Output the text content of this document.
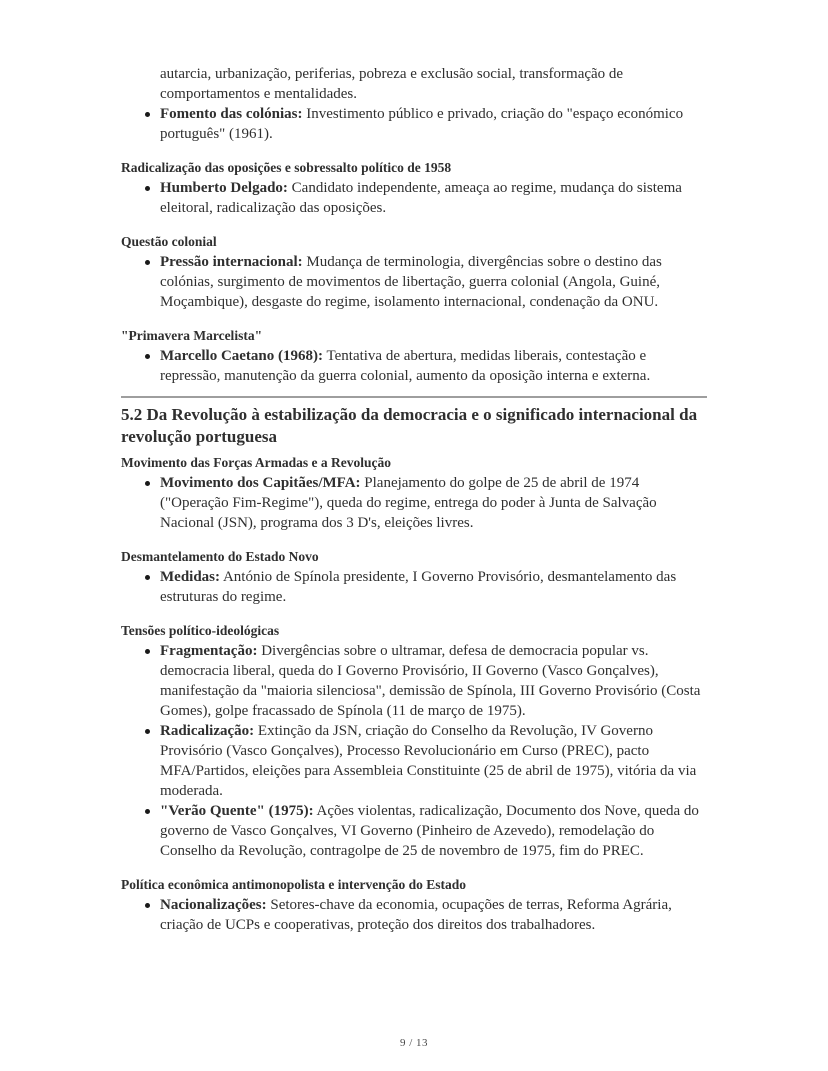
autarcia, urbanização, periferias, pobreza e exclusão social, transformação de comportamentos e mentalidades.

Fomento das colónias: Investimento público e privado, criação do "espaço económico português" (1961).
Radicalização das oposições e sobressalto político de 1958
Humberto Delgado: Candidato independente, ameaça ao regime, mudança do sistema eleitoral, radicalização das oposições.
Questão colonial
Pressão internacional: Mudança de terminologia, divergências sobre o destino das colónias, surgimento de movimentos de libertação, guerra colonial (Angola, Guiné, Moçambique), desgaste do regime, isolamento internacional, condenação da ONU.
"Primavera Marcelista"
Marcello Caetano (1968): Tentativa de abertura, medidas liberais, contestação e repressão, manutenção da guerra colonial, aumento da oposição interna e externa.
5.2 Da Revolução à estabilização da democracia e o significado internacional da revolução portuguesa
Movimento das Forças Armadas e a Revolução
Movimento dos Capitães/MFA: Planejamento do golpe de 25 de abril de 1974 ("Operação Fim-Regime"), queda do regime, entrega do poder à Junta de Salvação Nacional (JSN), programa dos 3 D's, eleições livres.
Desmantelamento do Estado Novo
Medidas: António de Spínola presidente, I Governo Provisório, desmantelamento das estruturas do regime.
Tensões político-ideológicas
Fragmentação: Divergências sobre o ultramar, defesa de democracia popular vs. democracia liberal, queda do I Governo Provisório, II Governo (Vasco Gonçalves), manifestação da "maioria silenciosa", demissão de Spínola, III Governo Provisório (Costa Gomes), golpe fracassado de Spínola (11 de março de 1975).
Radicalização: Extinção da JSN, criação do Conselho da Revolução, IV Governo Provisório (Vasco Gonçalves), Processo Revolucionário em Curso (PREC), pacto MFA/Partidos, eleições para Assembleia Constituinte (25 de abril de 1975), vitória da via moderada.
"Verão Quente" (1975): Ações violentas, radicalização, Documento dos Nove, queda do governo de Vasco Gonçalves, VI Governo (Pinheiro de Azevedo), remodelação do Conselho da Revolução, contragolpe de 25 de novembro de 1975, fim do PREC.
Política econômica antimonopolista e intervenção do Estado
Nacionalizações: Setores-chave da economia, ocupações de terras, Reforma Agrária, criação de UCPs e cooperativas, proteção dos direitos dos trabalhadores.
9 / 13
